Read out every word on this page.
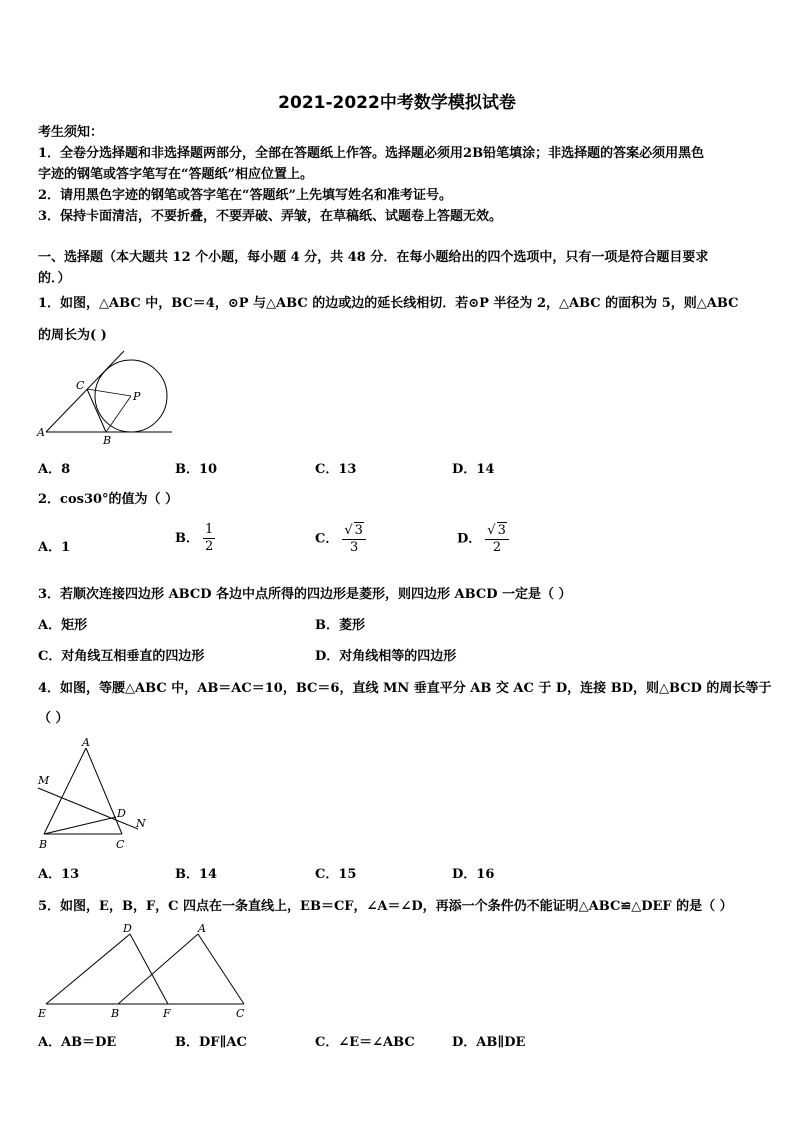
2021-2022中考数学模拟试卷
考生须知：
1．全卷分选择题和非选择题两部分，全部在答题纸上作答。选择题必须用2B铅笔填涂；非选择题的答案必须用黑色
字迹的钢笔或答字笔写在“答题纸”相应位置上。
2．请用黑色字迹的钢笔或答字笔在“答题纸”上先填写姓名和准考证号。
3．保持卡面清洁，不要折叠，不要弄破、弄皱，在草稿纸、试题卷上答题无效。
一、选择题（本大题共 12 个小题，每小题 4 分，共 48 分．在每小题给出的四个选项中，只有一项是符合题目要求
的．）
1．如图，△ABC 中，BC＝4，⊙P 与△ABC 的边或边的延长线相切．若⊙P 半径为 2，△ABC 的面积为 5，则△ABC
的周长为( )
A
B
C
P
A．8	B．10	C．13	D．14
2．cos30°的值为（ ）
A．1
B． $\frac{1}{2}$	C． $\frac{√ 3}{3}$	D． $\frac{√ 3}{2}$
3．若顺次连接四边形 ABCD 各边中点所得的四边形是菱形，则四边形 ABCD 一定是（ ）
A．矩形	B．菱形
C．对角线互相垂直的四边形	D．对角线相等的四边形
4．如图，等腰△ABC 中，AB＝AC＝10，BC＝6，直线 MN 垂直平分 AB 交 AC 于 D，连接 BD，则△BCD 的周长等于
（ ）
A
B	C
D
M
N
A．13	B．14	C．15	D．16
5．如图，E，B，F，C 四点在一条直线上，EB＝CF，∠A＝∠D，再添一个条件仍不能证明△ABC≌△DEF 的是（ ）
D	A
E	B	F	C
A．AB＝DE	B．DF∥AC	C．∠E＝∠ABC	D．AB∥DE
